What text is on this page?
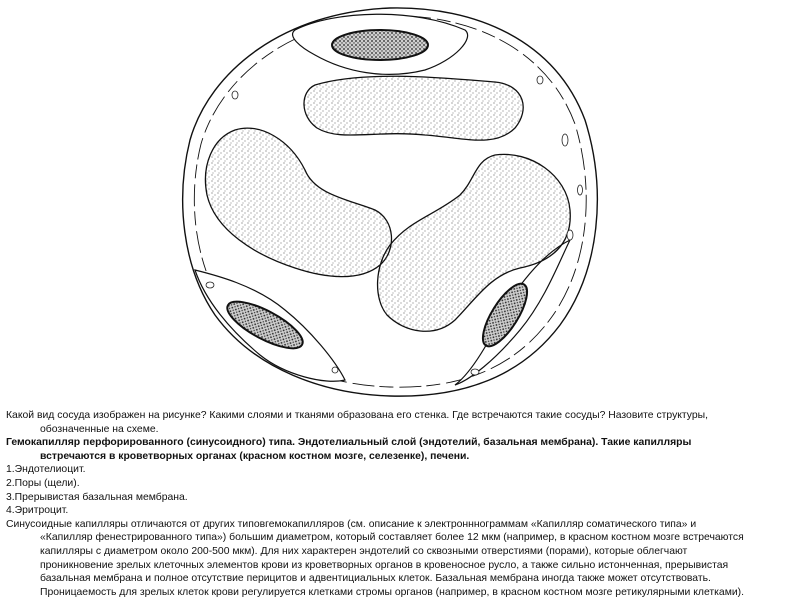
Какой вид сосуда изображен на рисунке? Какими слоями и тканями образована его стенка. Где встречаются такие сосуды? Назовите структуры,

обозначенные на схеме.

Гемокапилляр перфорированного (синусоидного) типа. Эндотелиальный слой (эндотелий, базальная мембрана). Такие капилляры

встречаются в кроветворных органах (красном костном мозге, селезенке), печени.

1.Эндотелиоцит.

2.Поры (щели).

3.Прерывистая базальная мембрана.

4.Эритроцит.

Синусоидные капилляры отличаются от других типовгемокапилляров (см. описание к электронннограммам «Капилляр соматического типа» и

«Капилляр фенестрированного типа») большим диаметром, который составляет более 12 мкм (например, в красном костном мозге встречаются

капилляры с диаметром около 200-500 мкм). Для них характерен эндотелий со сквозными отверстиями (порами), которые облегчают

проникновение зрелых клеточных элементов крови из кроветворных органов в кровеносное русло, а также сильно истонченная, прерывистая

базальная мембрана и полное отсутствие перицитов и адвентициальных клеток. Базальная мембрана иногда также может отсутствовать.

Проницаемость для зрелых клеток крови регулируется клетками стромы органов (например, в красном костном мозге ретикулярными клетками).
